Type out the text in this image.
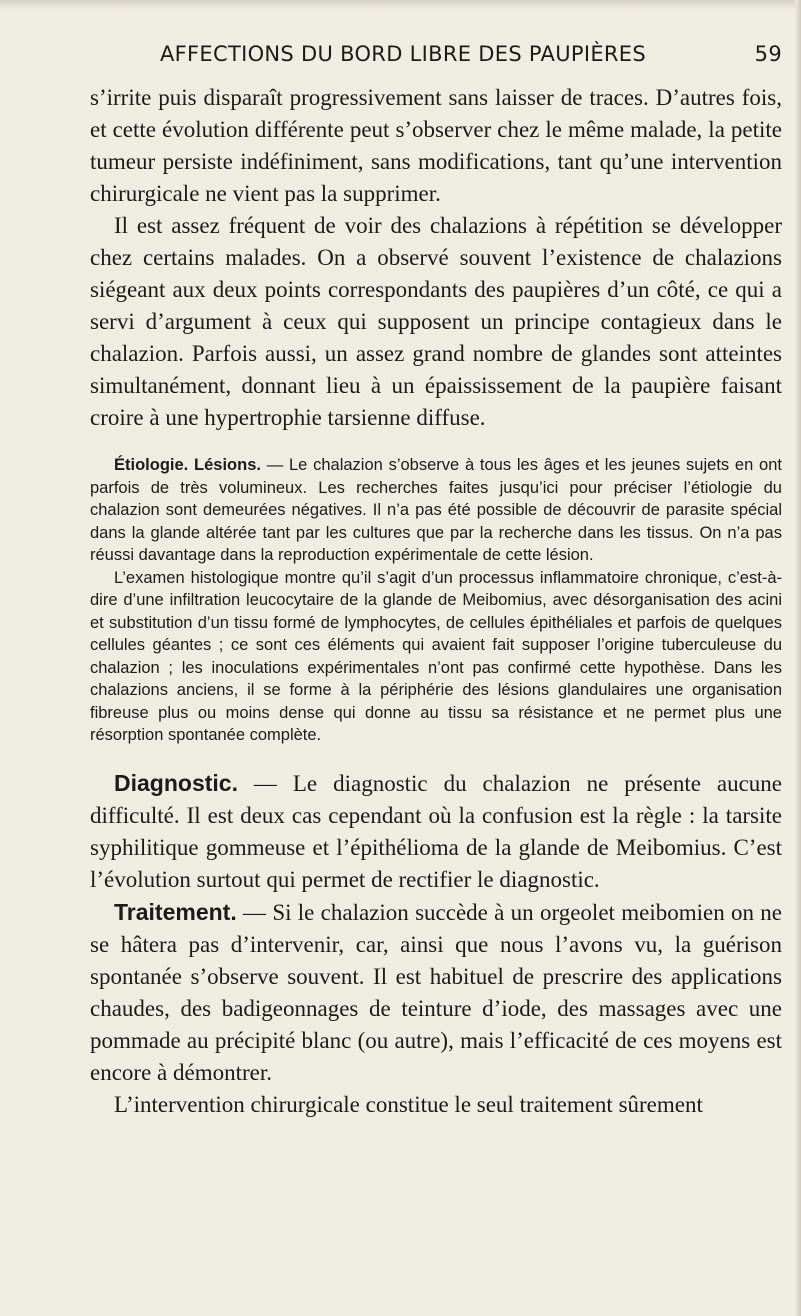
AFFECTIONS DU BORD LIBRE DES PAUPIÈRES	59

s’irrite puis disparaît progressivement sans laisser de traces. D’autres fois, et cette évolution différente peut s’observer chez le même malade, la petite tumeur persiste indéfiniment, sans modifications, tant qu’une intervention chirurgicale ne vient pas la supprimer.

Il est assez fréquent de voir des chalazions à répétition se développer chez certains malades. On a observé souvent l’existence de chalazions siégeant aux deux points correspondants des paupières d’un côté, ce qui a servi d’argument à ceux qui supposent un principe contagieux dans le chalazion. Parfois aussi, un assez grand nombre de glandes sont atteintes simultanément, donnant lieu à un épaississement de la paupière faisant croire à une hypertrophie tarsienne diffuse.

Étiologie. Lésions. — Le chalazion s’observe à tous les âges et les jeunes sujets en ont parfois de très volumineux. Les recherches faites jusqu’ici pour préciser l’étiologie du chalazion sont demeurées négatives. Il n’a pas été possible de découvrir de parasite spécial dans la glande altérée tant par les cultures que par la recherche dans les tissus. On n’a pas réussi davantage dans la reproduction expérimentale de cette lésion.

L’examen histologique montre qu’il s’agit d’un processus inflammatoire chronique, c’est-à-dire d’une infiltration leucocytaire de la glande de Meibomius, avec désorganisation des acini et substitution d’un tissu formé de lymphocytes, de cellules épithéliales et parfois de quelques cellules géantes ; ce sont ces éléments qui avaient fait supposer l’origine tuberculeuse du chalazion ; les inoculations expérimentales n’ont pas confirmé cette hypothèse. Dans les chalazions anciens, il se forme à la périphérie des lésions glandulaires une organisation fibreuse plus ou moins dense qui donne au tissu sa résistance et ne permet plus une résorption spontanée complète.

Diagnostic. — Le diagnostic du chalazion ne présente aucune difficulté. Il est deux cas cependant où la confusion est la règle : la tarsite syphilitique gommeuse et l’épithélioma de la glande de Meibomius. C’est l’évolution surtout qui permet de rectifier le diagnostic.

Traitement. — Si le chalazion succède à un orgeolet meibomien on ne se hâtera pas d’intervenir, car, ainsi que nous l’avons vu, la guérison spontanée s’observe souvent. Il est habituel de prescrire des applications chaudes, des badigeonnages de teinture d’iode, des massages avec une pommade au précipité blanc (ou autre), mais l’efficacité de ces moyens est encore à démontrer.

L’intervention chirurgicale constitue le seul traitement sûrement
